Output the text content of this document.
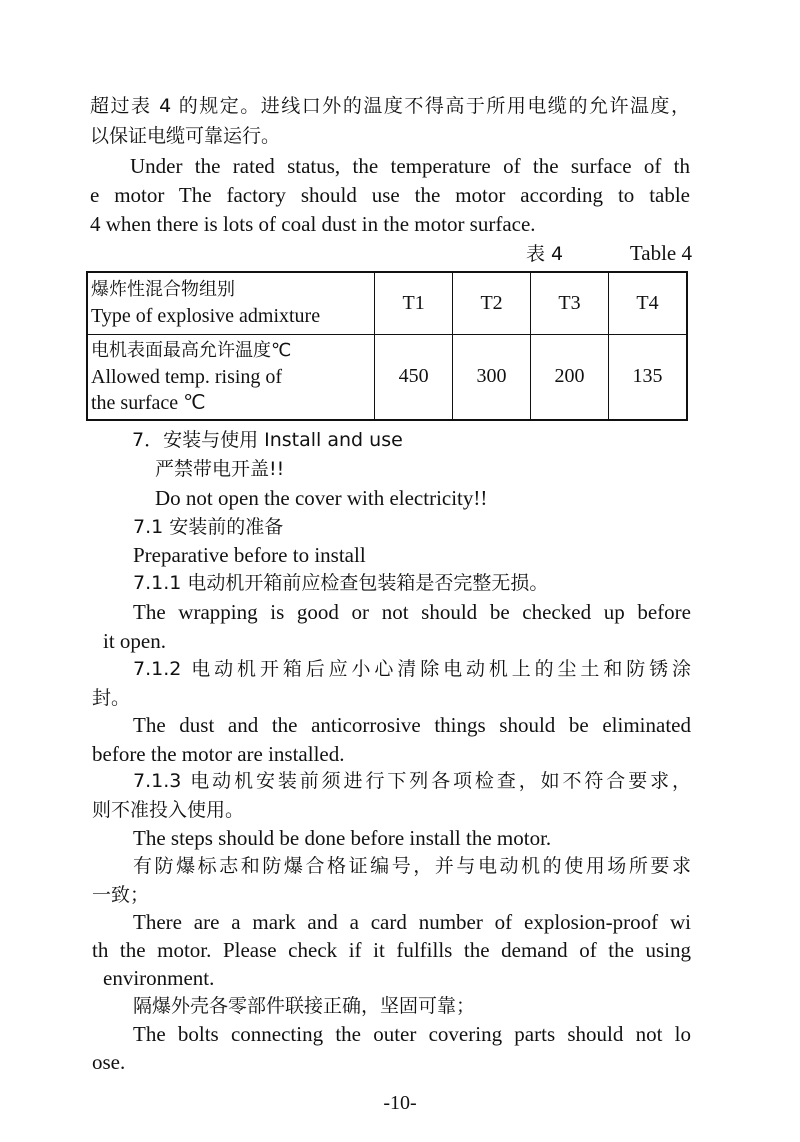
超过表 4 的规定。进线口外的温度不得高于所用电缆的允许温度，
以保证电缆可靠运行。
Under the rated status, the temperature of the surface of th
e motor The factory should use the motor according to table
4 when there is lots of coal dust in the motor surface.
表 4	Table 4
爆炸性混合物组别
Type of explosive admixture	T1	T2	T3	T4

电机表面最高允许温度℃
Allowed temp. rising of
the surface ℃	450	300	200	135
7．安装与使用 Install and use
严禁带电开盖!!
Do not open the cover with electricity!!
7.1 安装前的准备
Preparative before to install
7.1.1 电动机开箱前应检查包装箱是否完整无损。
The wrapping is good or not should be checked up before
it open.
7.1.2 电动机开箱后应小心清除电动机上的尘土和防锈涂
封。
The dust and the anticorrosive things should be eliminated
before the motor are installed.
7.1.3 电动机安装前须进行下列各项检查，如不符合要求，
则不准投入使用。
The steps should be done before install the motor.
有防爆标志和防爆合格证编号，并与电动机的使用场所要求
一致；
There are a mark and a card number of explosion-proof wi
th the motor. Please check if it fulfills the demand of the using
environment.
隔爆外壳各零部件联接正确，坚固可靠；
The bolts connecting the outer covering parts should not lo
ose.
-10-
